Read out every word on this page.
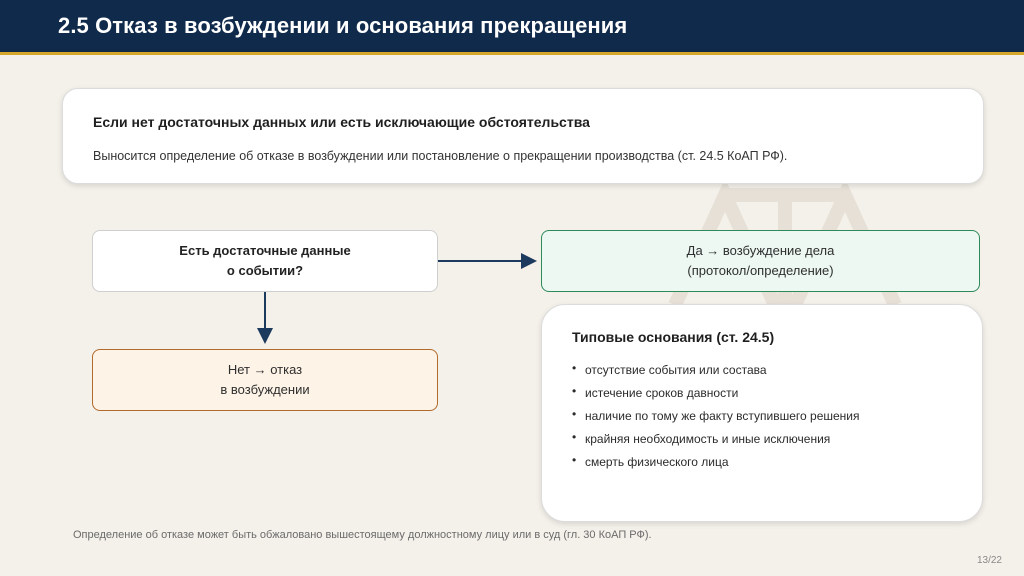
2.5 Отказ в возбуждении и основания прекращения
Если нет достаточных данных или есть исключающие обстоятельства
Выносится определение об отказе в возбуждении или постановление о прекращении производства (ст. 24.5 КоАП РФ).
Есть достаточные данные
о событии?
Да → возбуждение дела
(протокол/определение)
Нет → отказ
в возбуждении
Типовые основания (ст. 24.5)
• отсутствие события или состава
• истечение сроков давности
• наличие по тому же факту вступившего решения
• крайняя необходимость и иные исключения
• смерть физического лица
Определение об отказе может быть обжаловано вышестоящему должностному лицу или в суд (гл. 30 КоАП РФ).
13/22
